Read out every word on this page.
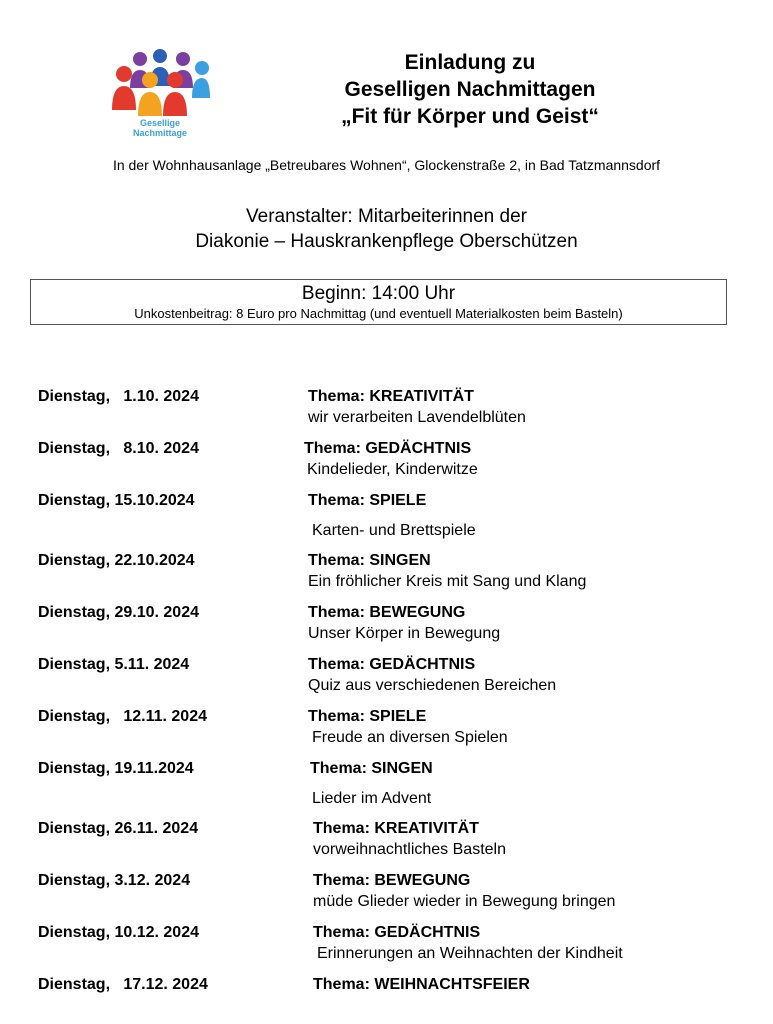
Gesellige
Nachmittage
Einladung zu
Geselligen Nachmittagen
„Fit für Körper und Geist“
In der Wohnhausanlage „Betreubares Wohnen“, Glockenstraße 2, in Bad Tatzmannsdorf
Veranstalter: Mitarbeiterinnen der
Diakonie – Hauskrankenpflege Oberschützen
Beginn: 14:00 Uhr
Unkostenbeitrag: 8 Euro pro Nachmittag (und eventuell Materialkosten beim Basteln)
Dienstag,   1.10. 2024	Thema: KREATIVITÄT
wir verarbeiten Lavendelblüten
Dienstag,   8.10. 2024	Thema: GEDÄCHTNIS
Kindelieder, Kinderwitze
Dienstag, 15.10.2024	Thema: SPIELE
Karten- und Brettspiele
Dienstag, 22.10.2024	Thema: SINGEN
Ein fröhlicher Kreis mit Sang und Klang
Dienstag, 29.10. 2024	Thema: BEWEGUNG
Unser Körper in Bewegung
Dienstag, 5.11. 2024	Thema: GEDÄCHTNIS
Quiz aus verschiedenen Bereichen
Dienstag,   12.11. 2024	Thema: SPIELE
Freude an diversen Spielen
Dienstag, 19.11.2024	Thema: SINGEN
Lieder im Advent
Dienstag, 26.11. 2024	Thema: KREATIVITÄT
vorweihnachtliches Basteln
Dienstag, 3.12. 2024	Thema: BEWEGUNG
müde Glieder wieder in Bewegung bringen
Dienstag, 10.12. 2024	Thema: GEDÄCHTNIS
Erinnerungen an Weihnachten der Kindheit
Dienstag,   17.12. 2024	Thema: WEIHNACHTSFEIER
